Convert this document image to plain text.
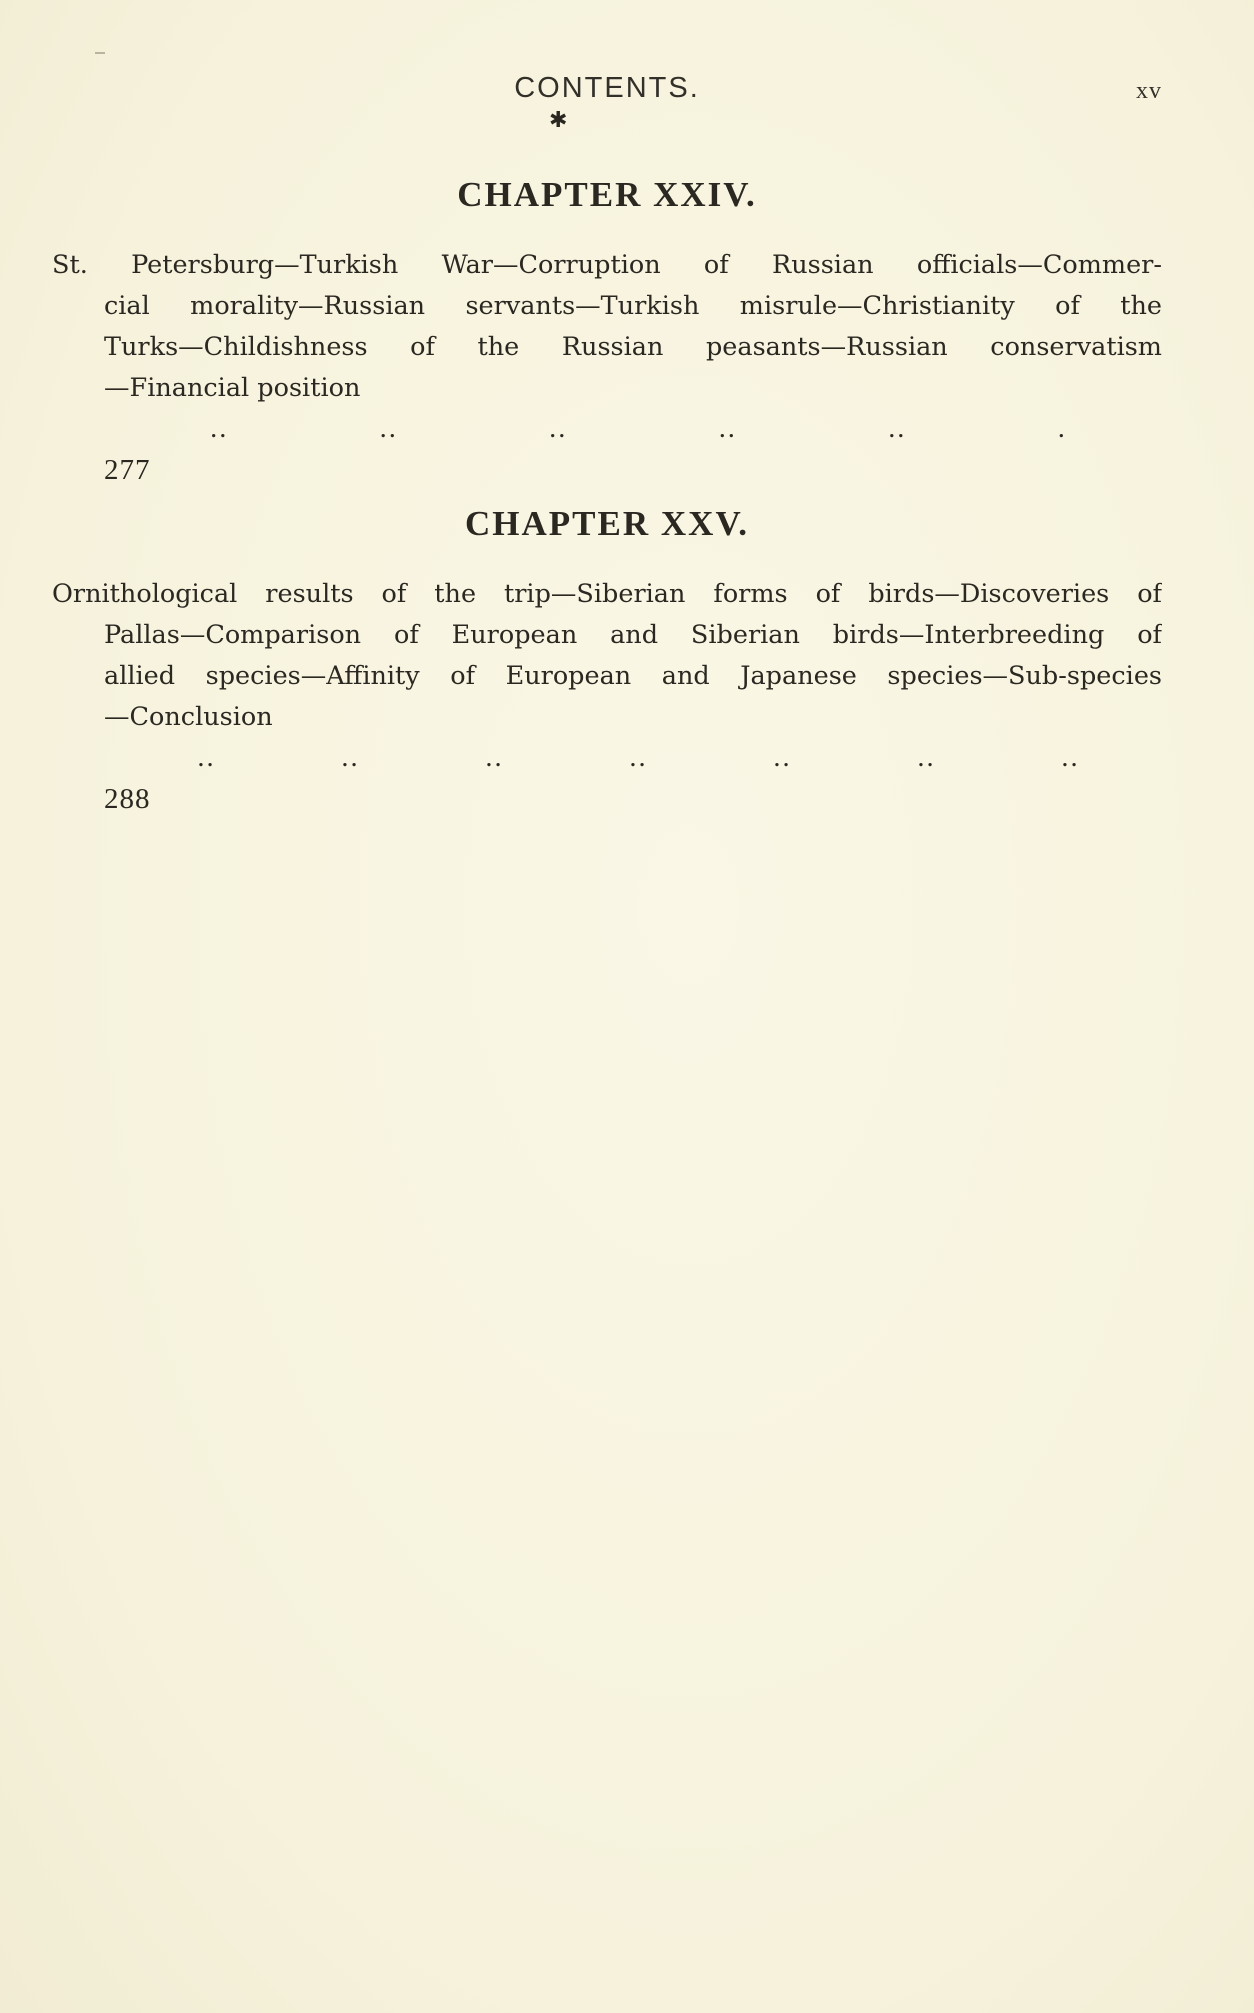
CONTENTS.	xv
✱
CHAPTER XXIV.
St. Petersburg—Turkish War—Corruption of Russian officials—Commer-
cial morality—Russian servants—Turkish misrule—Christianity of the
Turks—Childishness of the Russian peasants—Russian conservatism
—Financial position
..	..	..	..	..	.
277
CHAPTER XXV.
Ornithological results of the trip—Siberian forms of birds—Discoveries of
Pallas—Comparison of European and Siberian birds—Interbreeding of
allied species—Affinity of European and Japanese species—Sub-species
—Conclusion
..	..	..	..	..	..	..
288
